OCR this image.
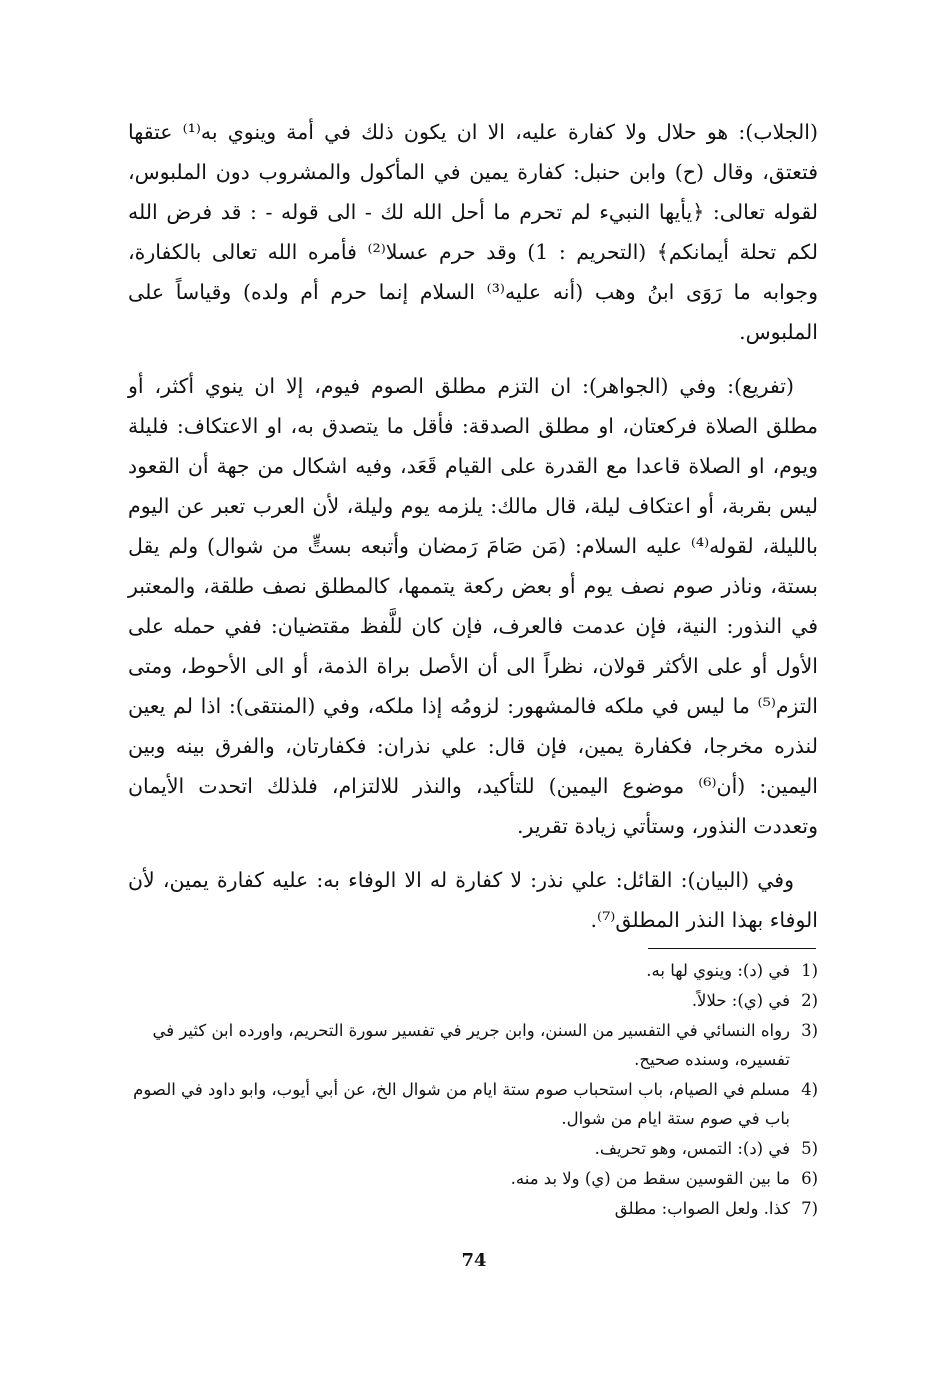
(الجلاب): هو حلال ولا كفارة عليه، الا ان يكون ذلك في أمة وينوي به⁽¹⁾ عتقها فتعتق، وقال (ح) وابن حنبل: كفارة يمين في المأكول والمشروب دون الملبوس، لقوله تعالى: ﴿يأيها النبيء لم تحرم ما أحل الله لك - الى قوله - : قد فرض الله لكم تحلة أيمانكم﴾ (التحريم : 1) وقد حرم عسلا⁽²⁾ فأمره الله تعالى بالكفارة، وجوابه ما رَوَى ابنُ وهب (أنه عليه⁽³⁾ السلام إنما حرم أم ولده) وقياساً على الملبوس.

(تفريع): وفي (الجواهر): ان التزم مطلق الصوم فيوم، إلا ان ينوي أكثر، أو مطلق الصلاة فركعتان، او مطلق الصدقة: فأقل ما يتصدق به، او الاعتكاف: فليلة ويوم، او الصلاة قاعدا مع القدرة على القيام قَعَد، وفيه اشكال من جهة أن القعود ليس بقربة، أو اعتكاف ليلة، قال مالك: يلزمه يوم وليلة، لأن العرب تعبر عن اليوم بالليلة، لقوله⁽⁴⁾ عليه السلام: (مَن صَامَ رَمضان وأتبعه بستٍّ من شوال) ولم يقل بستة، وناذر صوم نصف يوم أو بعض ركعة يتممها، كالمطلق نصف طلقة، والمعتبر في النذور: النية، فإن عدمت فالعرف، فإن كان للَّفظ مقتضيان: ففي حمله على الأول أو على الأكثر قولان، نظراً الى أن الأصل براة الذمة، أو الى الأحوط، ومتى التزم⁽⁵⁾ ما ليس في ملكه فالمشهور: لزومُه إذا ملكه، وفي (المنتقى): اذا لم يعين لنذره مخرجا، فكفارة يمين، فإن قال: علي نذران: فكفارتان، والفرق بينه وبين اليمين: (أن⁽⁶⁾ موضوع اليمين) للتأكيد، والنذر للالتزام، فلذلك اتحدت الأيمان وتعددت النذور، وستأتي زيادة تقرير.

وفي (البيان): القائل: علي نذر: لا كفارة له الا الوفاء به: عليه كفارة يمين، لأن الوفاء بهذا النذر المطلق⁽⁷⁾.

(1
في (د): وينوي لها به.
(2
في (ي): حلالاً.
(3
رواه النسائي في التفسير من السنن، وابن جرير في تفسير سورة التحريم، واورده ابن كثير في تفسيره، وسنده صحيح.
(4
مسلم في الصيام، باب استحباب صوم ستة ايام من شوال الخ، عن أبي أيوب، وابو داود في الصوم باب في صوم ستة ايام من شوال.
(5
في (د): التمس، وهو تحريف.
(6
ما بين القوسين سقط من (ي) ولا بد منه.
(7
كذا. ولعل الصواب: مطلق
74
